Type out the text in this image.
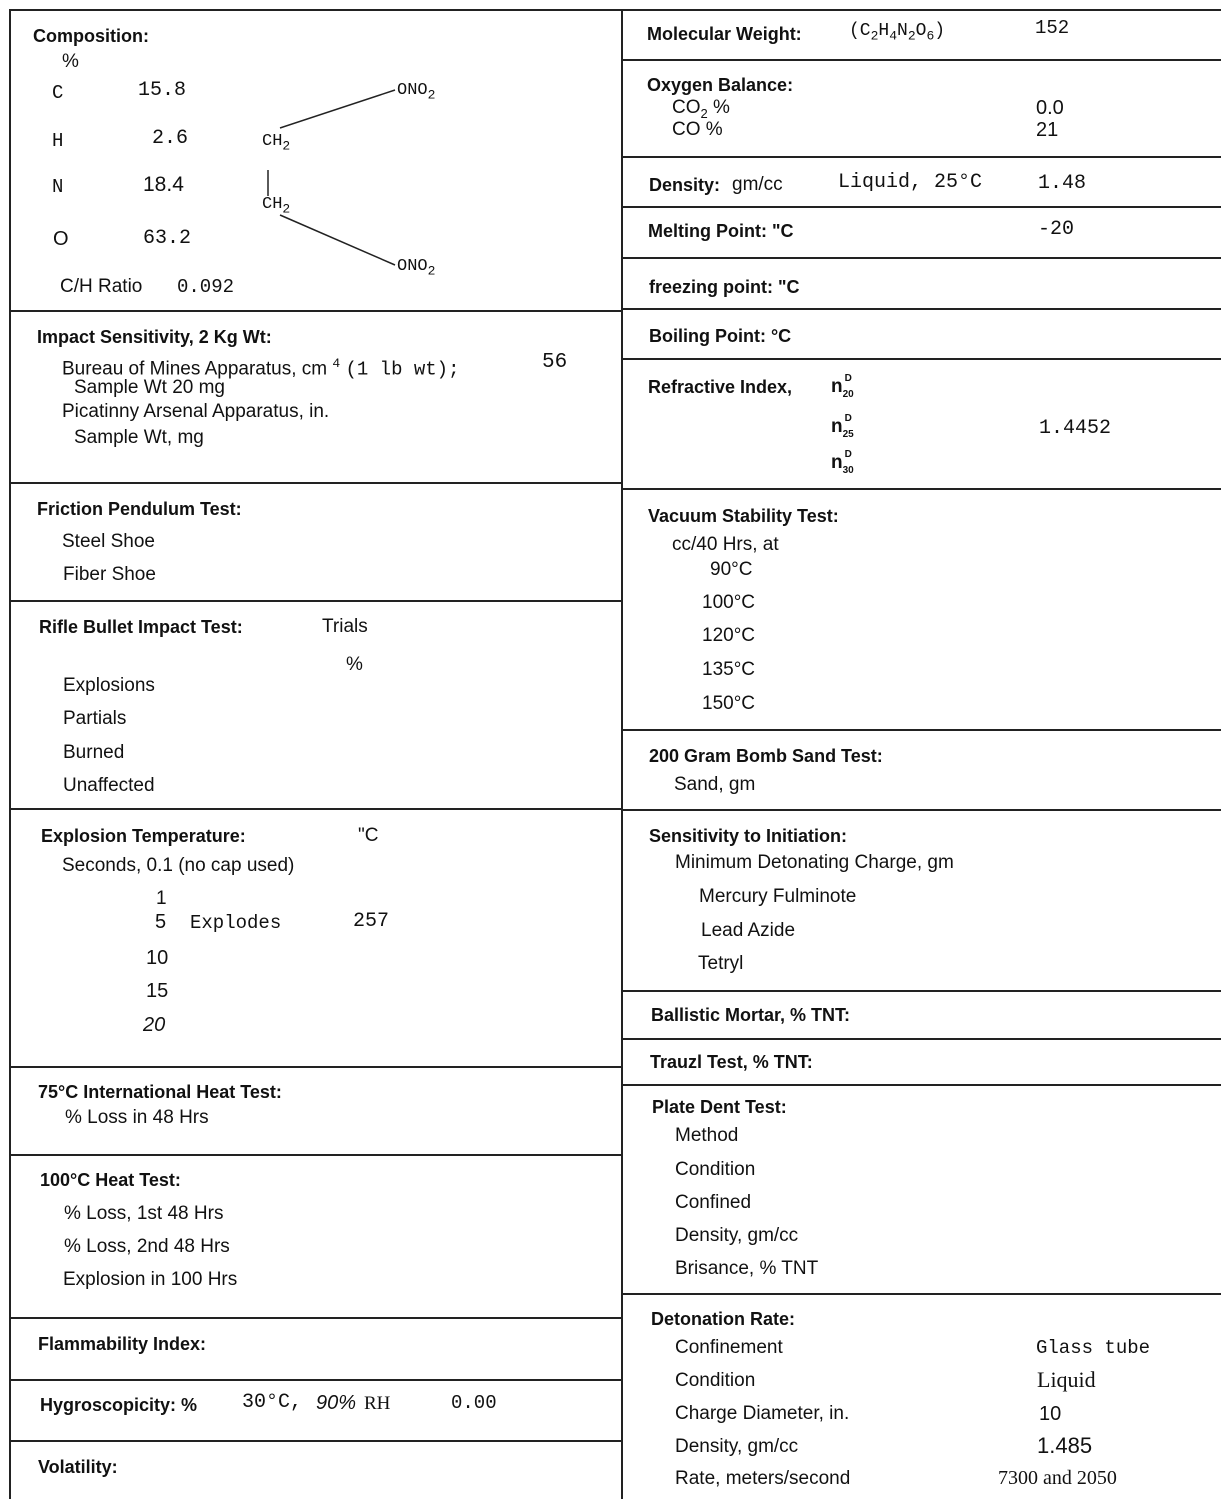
Composition:
%
C	15.8
H	2.6
N	18.4
O	63.2
C/H Ratio 0.092
$ONO_2$
$CH_2$
$CH_2$
$ONO_2$
Impact Sensitivity, 2 Kg Wt:
Bureau of Mines Apparatus, cm $^4$ (1 lb wt);	56
Sample Wt 20 mg
Picatinny Arsenal Apparatus, in.
Sample Wt, mg
Friction Pendulum Test:
Steel Shoe
Fiber Shoe
Rifle Bullet Impact Test:	Trials
%
Explosions
Partials
Burned
Unaffected
Explosion Temperature:	"C
Seconds, 0.1 (no cap used)
1
5 Explodes	257
10
15
20
75°C International Heat Test:
% Loss in 48 Hrs
100°C Heat Test:
% Loss, 1st 48 Hrs
% Loss, 2nd 48 Hrs
Explosion in 100 Hrs
Flammability Index:
Hygroscopicity: % 30°C, 90% RH	0.00
Volatility:
Molecular Weight:	$(C_2H_4N_2O_6)$	152
Oxygen Balance:
$CO_2$ %	0.0
CO %	21
Density: gm/cc	Liquid, 25°C	1.48
Melting Point: "C	-20
freezing point: "C
Boiling Point: °C
Refractive Index, n D
$_{20}$
n D
$_{25}$	1.4452
n D
$_{30}$
Vacuum Stability Test:
cc/40 Hrs, at
90°C
100°C
120°C
135°C
150°C
200 Gram Bomb Sand Test:
Sand, gm
Sensitivity to Initiation:
Minimum Detonating Charge, gm
Mercury Fulminote
Lead Azide
Tetryl
Ballistic Mortar, % TNT:
Trauzl Test, % TNT:
Plate Dent Test:
Method
Condition
Confined
Density, gm/cc
Brisance, % TNT
Detonation Rate:
Confinement	Glass tube
Condition	Liquid
Charge Diameter, in.	10
Density, gm/cc	1.485
Rate, meters/second	7300 and 2050
